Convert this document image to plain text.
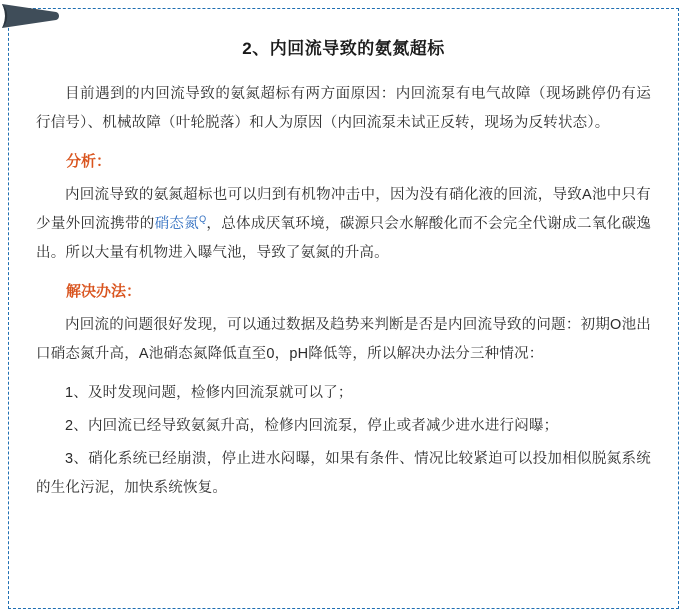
2、内回流导致的氨氮超标

目前遇到的内回流导致的氨氮超标有两方面原因：内回流泵有电气故障（现场跳停仍有运行信号）、机械故障（叶轮脱落）和人为原因（内回流泵未试正反转，现场为反转状态）。

分析：

内回流导致的氨氮超标也可以归到有机物冲击中，因为没有硝化液的回流，导致A池中只有少量外回流携带的硝态氮$^Q$，总体成厌氧环境，碳源只会水解酸化而不会完全代谢成二氧化碳逸出。所以大量有机物进入曝气池，导致了氨氮的升高。

解决办法：

内回流的问题很好发现，可以通过数据及趋势来判断是否是内回流导致的问题：初期O池出口硝态氮升高，A池硝态氮降低直至0，pH降低等，所以解决办法分三种情况：

1、及时发现问题，检修内回流泵就可以了；

2、内回流已经导致氨氮升高，检修内回流泵，停止或者减少进水进行闷曝；

3、硝化系统已经崩溃，停止进水闷曝，如果有条件、情况比较紧迫可以投加相似脱氮系统的生化污泥，加快系统恢复。
